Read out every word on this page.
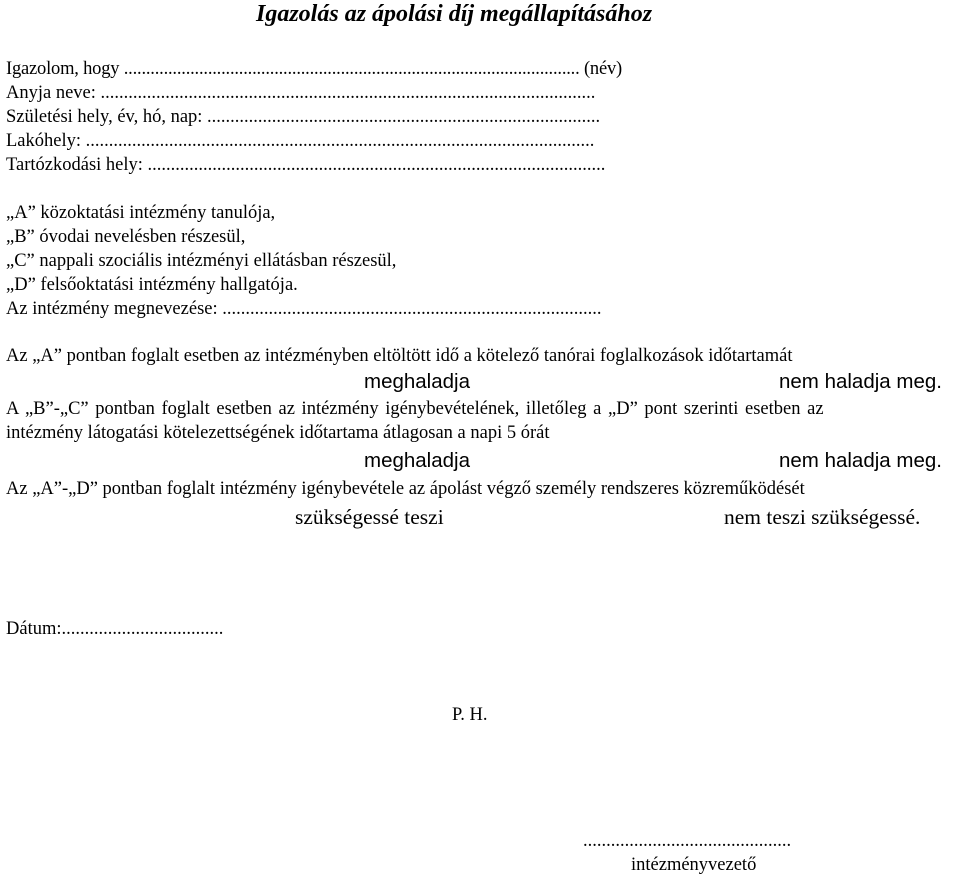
Igazolás az ápolási díj megállapításához
Igazolom, hogy ....................................................................................................... (név)
Anyja neve: ...........................................................................................................
Születési hely, év, hó, nap: .....................................................................................
Lakóhely: ..............................................................................................................
Tartózkodási hely: ...................................................................................................
„A” közoktatási intézmény tanulója,
„B” óvodai nevelésben részesül,
„C” nappali szociális intézményi ellátásban részesül,
„D” felsőoktatási intézmény hallgatója.
Az intézmény megnevezése: ..................................................................................
Az „A” pontban foglalt esetben az intézményben eltöltött idő a kötelező tanórai foglalkozások időtartamát
meghaladja	nem haladja meg.
A „B”-„C” pontban foglalt esetben az intézmény igénybevételének, illetőleg a „D” pont szerinti esetben az
intézmény látogatási kötelezettségének időtartama átlagosan a napi 5 órát
meghaladja	nem haladja meg.
Az „A”-„D” pontban foglalt intézmény igénybevétele az ápolást végző személy rendszeres közreműködését
szükségessé teszi	nem teszi szükségessé.
Dátum:...................................
P. H.
.............................................
intézményvezető
